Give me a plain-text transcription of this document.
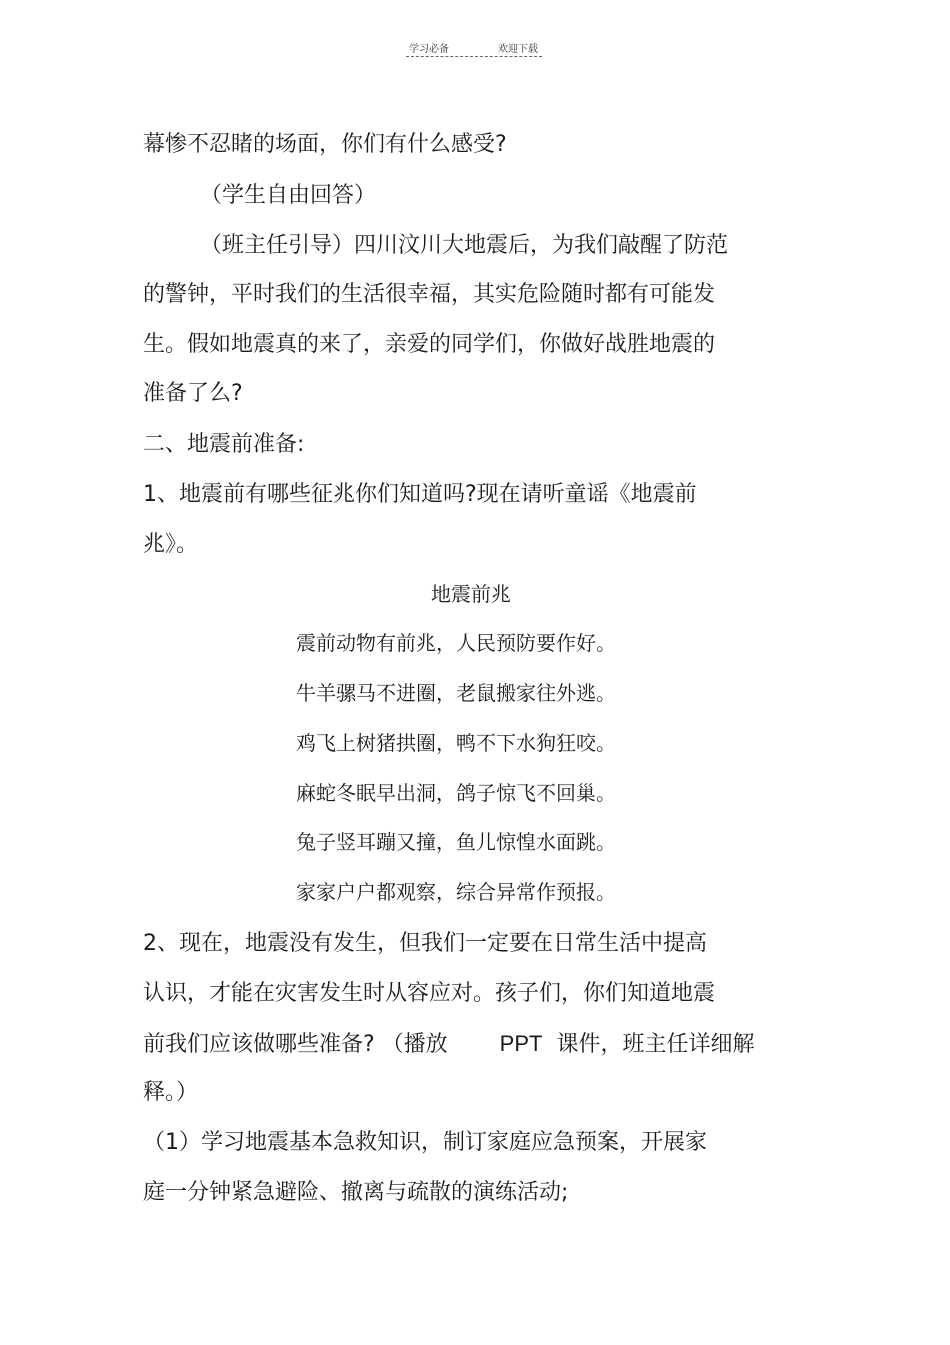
学习必备	欢迎下载
幕惨不忍睹的场面，你们有什么感受?
（学生自由回答）
（班主任引导）四川汶川大地震后，为我们敲醒了防范
的警钟，平时我们的生活很幸福，其实危险随时都有可能发
生。假如地震真的来了，亲爱的同学们，你做好战胜地震的
准备了么?
二、地震前准备:
1、地震前有哪些征兆你们知道吗?现在请听童谣《地震前
兆》。
地震前兆
震前动物有前兆，人民预防要作好。
牛羊骡马不进圈，老鼠搬家往外逃。
鸡飞上树猪拱圈，鸭不下水狗狂咬。
麻蛇冬眠早出洞，鸽子惊飞不回巢。
兔子竖耳蹦又撞，鱼儿惊惶水面跳。
家家户户都观察，综合异常作预报。
2、现在，地震没有发生，但我们一定要在日常生活中提高
认识，才能在灾害发生时从容应对。孩子们，你们知道地震
前我们应该做哪些准备? （播放 PPT 课件，班主任详细解
释。）
（1）学习地震基本急救知识，制订家庭应急预案，开展家
庭一分钟紧急避险、撤离与疏散的演练活动;
